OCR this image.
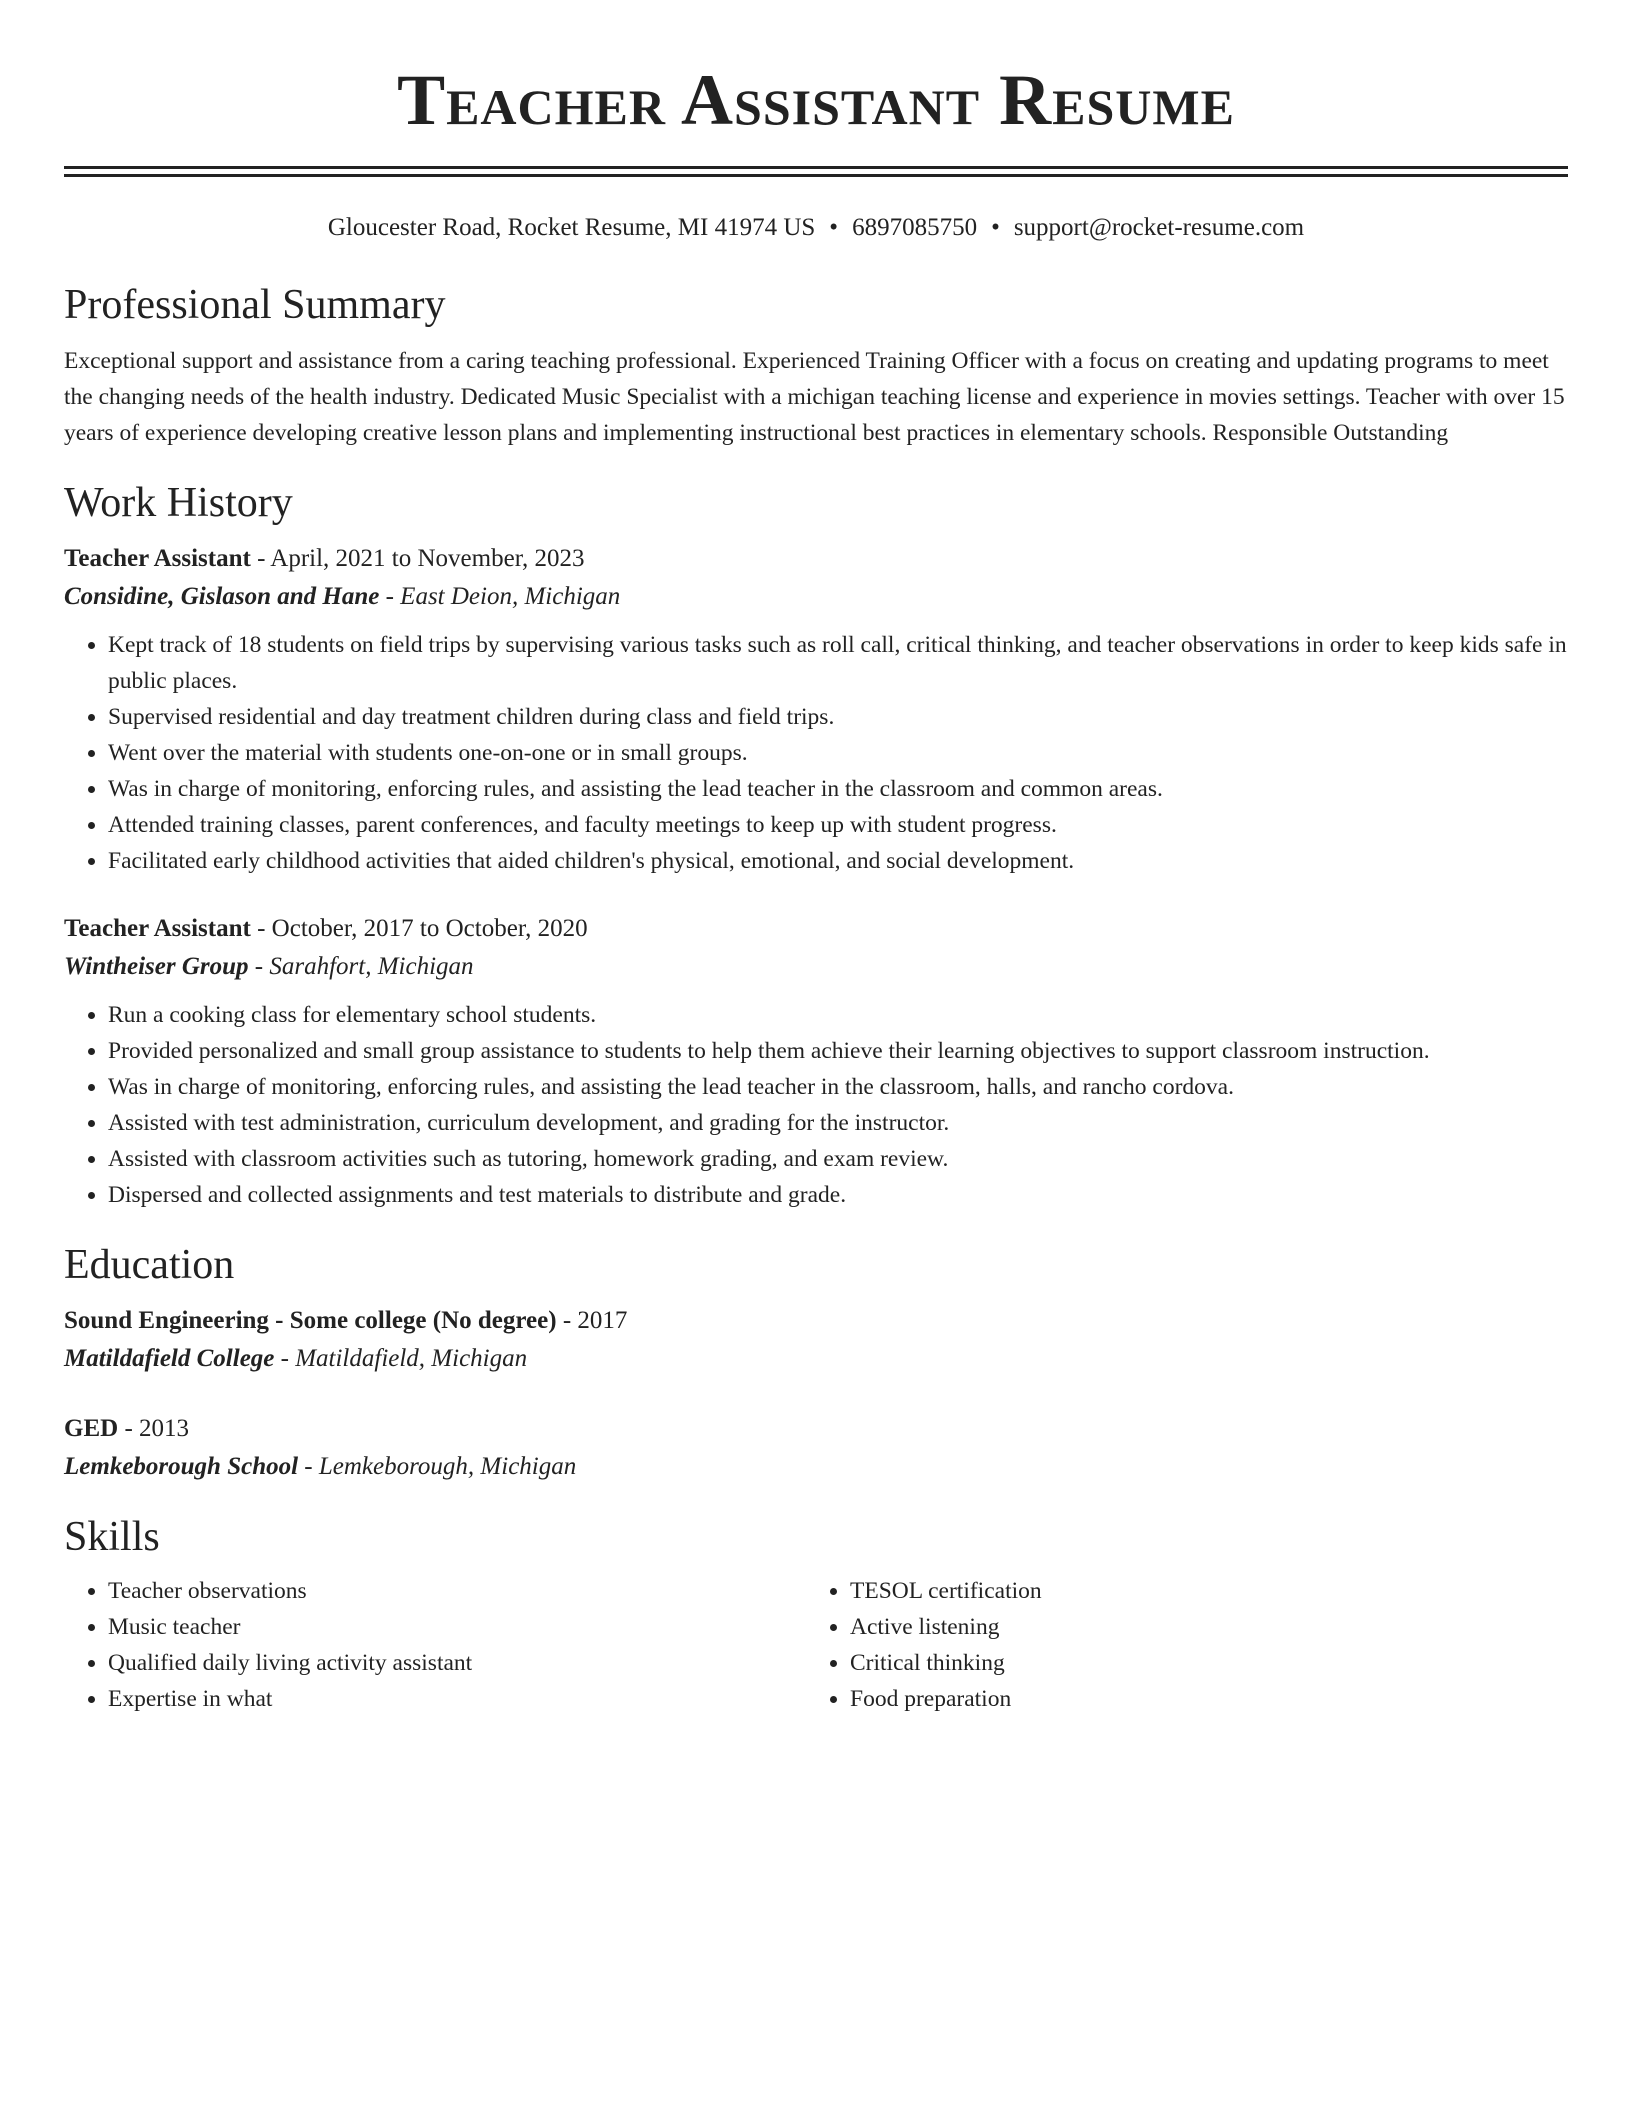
Teacher Assistant Resume
Gloucester Road, Rocket Resume, MI 41974 US • 6897085750 • support@rocket-resume.com
Professional Summary

Exceptional support and assistance from a caring teaching professional. Experienced Training Officer with a focus on creating and updating programs to meet the changing needs of the health industry. Dedicated Music Specialist with a michigan teaching license and experience in movies settings. Teacher with over 15 years of experience developing creative lesson plans and implementing instructional best practices in elementary schools. Responsible Outstanding

Work History
Teacher Assistant - April, 2021 to November, 2023
Considine, Gislason and Hane - East Deion, Michigan
• Kept track of 18 students on field trips by supervising various tasks such as roll call, critical thinking, and teacher observations in order to keep kids safe in public places.
• Supervised residential and day treatment children during class and field trips.
• Went over the material with students one-on-one or in small groups.
• Was in charge of monitoring, enforcing rules, and assisting the lead teacher in the classroom and common areas.
• Attended training classes, parent conferences, and faculty meetings to keep up with student progress.
• Facilitated early childhood activities that aided children's physical, emotional, and social development.
Teacher Assistant - October, 2017 to October, 2020
Wintheiser Group - Sarahfort, Michigan
• Run a cooking class for elementary school students.
• Provided personalized and small group assistance to students to help them achieve their learning objectives to support classroom instruction.
• Was in charge of monitoring, enforcing rules, and assisting the lead teacher in the classroom, halls, and rancho cordova.
• Assisted with test administration, curriculum development, and grading for the instructor.
• Assisted with classroom activities such as tutoring, homework grading, and exam review.
• Dispersed and collected assignments and test materials to distribute and grade.
Education
Sound Engineering - Some college (No degree) - 2017
Matildafield College - Matildafield, Michigan
GED - 2013
Lemkeborough School - Lemkeborough, Michigan
Skills
• Teacher observations
• Music teacher
• Qualified daily living activity assistant
• Expertise in what
• TESOL certification
• Active listening
• Critical thinking
• Food preparation
